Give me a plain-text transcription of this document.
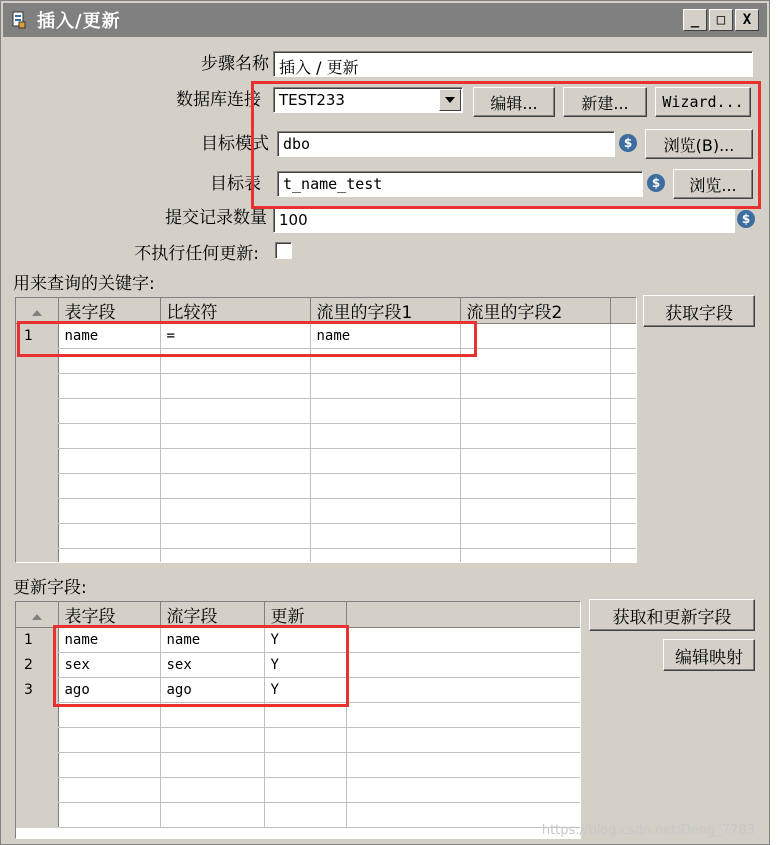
插入/更新	_	□	X
步骤名称 插入 / 更新
数据库连接	TEST233	编辑...	新建...	Wizard...
目标模式 dbo	$	浏览(B)...
目标表	t_name_test	$	浏览...
提交记录数量 100	$
不执行任何更新:
用来查询的关键字:
获取字段
	表字段	比较符	流里的字段1	流里的字段2	
1	name	=	name		

更新字段:
获取和更新字段
编辑映射
	表字段	流字段	更新	
1	name	name	Y	
2	sex	sex	Y	
3	ago	ago	Y	

https://blog.csdn.net/Deng_7783
